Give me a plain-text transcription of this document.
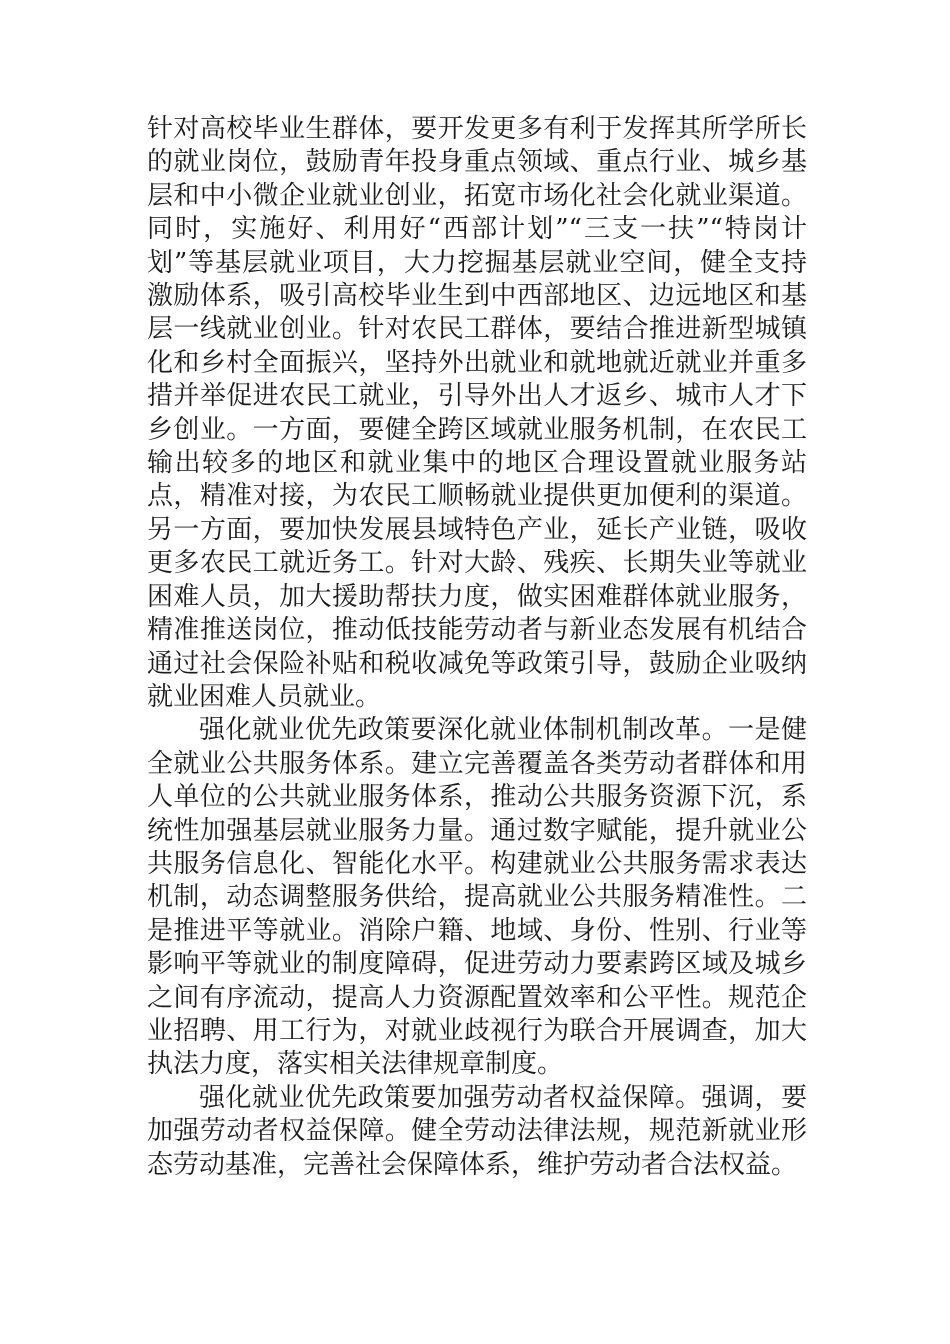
针对高校毕业生群体，要开发更多有利于发挥其所学所长的就业岗位，鼓励青年投身重点领域、重点行业、城乡基层和中小微企业就业创业，拓宽市场化社会化就业渠道。同时，实施好、利用好“西部计划”“三支一扶”“特岗计划”等基层就业项目，大力挖掘基层就业空间，健全支持激励体系，吸引高校毕业生到中西部地区、边远地区和基层一线就业创业。针对农民工群体，要结合推进新型城镇化和乡村全面振兴，坚持外出就业和就地就近就业并重多措并举促进农民工就业，引导外出人才返乡、城市人才下乡创业。一方面，要健全跨区域就业服务机制，在农民工输出较多的地区和就业集中的地区合理设置就业服务站点，精准对接，为农民工顺畅就业提供更加便利的渠道。另一方面，要加快发展县域特色产业，延长产业链，吸收更多农民工就近务工。针对大龄、残疾、长期失业等就业困难人员，加大援助帮扶力度，做实困难群体就业服务，精准推送岗位，推动低技能劳动者与新业态发展有机结合通过社会保险补贴和税收减免等政策引导，鼓励企业吸纳就业困难人员就业。

强化就业优先政策要深化就业体制机制改革。一是健全就业公共服务体系。建立完善覆盖各类劳动者群体和用人单位的公共就业服务体系，推动公共服务资源下沉，系统性加强基层就业服务力量。通过数字赋能，提升就业公共服务信息化、智能化水平。构建就业公共服务需求表达机制，动态调整服务供给，提高就业公共服务精准性。二是推进平等就业。消除户籍、地域、身份、性别、行业等影响平等就业的制度障碍，促进劳动力要素跨区域及城乡之间有序流动，提高人力资源配置效率和公平性。规范企业招聘、用工行为，对就业歧视行为联合开展调查，加大执法力度，落实相关法律规章制度。

强化就业优先政策要加强劳动者权益保障。强调，要加强劳动者权益保障。健全劳动法律法规，规范新就业形态劳动基准，完善社会保障体系，维护劳动者合法权益。
